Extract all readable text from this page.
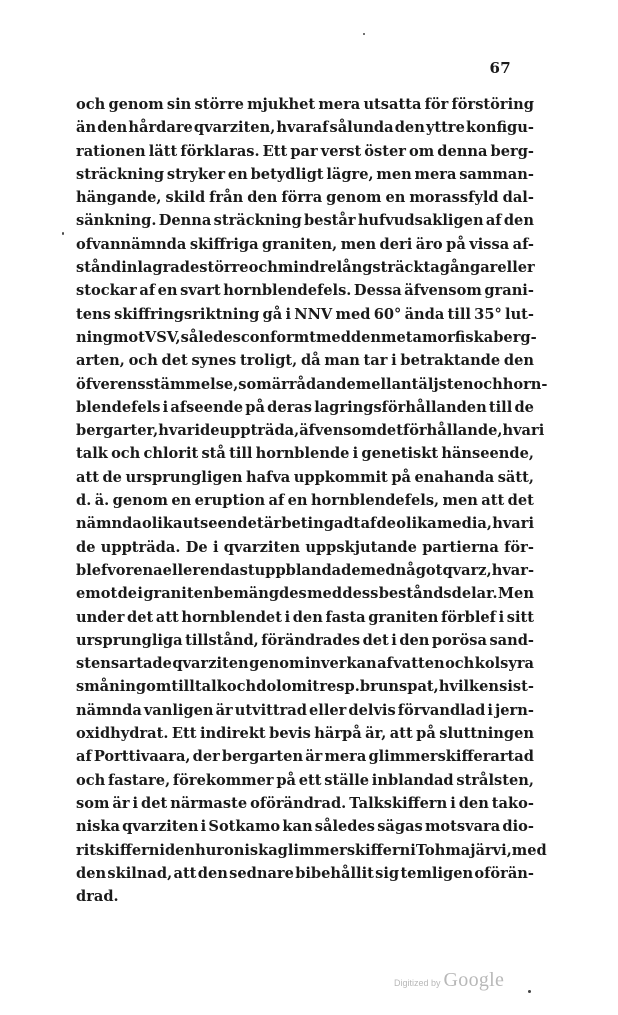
67
och genom sin större mjukhet mera utsatta för förstöring
än den hårdare qvarziten, hvaraf sålunda den yttre konfigu-
rationen lätt förklaras. Ett par verst öster om denna berg-
sträckning stryker en betydligt lägre, men mera samman-
hängande, skild från den förra genom en morassfyld dal-
sänkning. Denna sträckning består hufvudsakligen af den
ofvannämnda skiffriga graniten, men deri äro på vissa af-
stånd inlagrade större och mindre långsträckta gångar eller
stockar af en svart hornblendefels. Dessa äfvensom grani-
tens skiffringsriktning gå i NNV med 60° ända till 35° lut-
ning mot VSV, således conformt med den metamorfiska berg-
arten, och det synes troligt, då man tar i betraktande den
öfverensstämmelse, som är rådande mellan täljsten och horn-
blendefels i afseende på deras lagringsförhållanden till de
bergarter, hvari de uppträda, äfvensom det förhållande, hvari
talk och chlorit stå till hornblende i genetiskt hänseende,
att de ursprungligen hafva uppkommit på enahanda sätt,
d. ä. genom en eruption af en hornblendefels, men att det
nämnda olika utseendet är betingadt af de olika media, hvari
de uppträda. De i qvarziten uppskjutande partierna för-
blefvo rena eller endast uppblandade med något qvarz, hvar-
emot de i graniten bemängdes med dess beståndsdelar. Men
under det att hornblendet i den fasta graniten förblef i sitt
ursprungliga tillstånd, förändrades det i den porösa sand-
stensartade qvarziten genom inverkan af vatten och kolsyra
småningom till talk och dolomit resp. brunspat, hvilken sist-
nämnda vanligen är utvittrad eller delvis förvandlad i jern-
oxidhydrat. Ett indirekt bevis härpå är, att på sluttningen
af Porttivaara, der bergarten är mera glimmerskifferartad
och fastare, förekommer på ett ställe inblandad strålsten,
som är i det närmaste oförändrad. Talkskiffern i den tako-
niska qvarziten i Sotkamo kan således sägas motsvara dio-
ritskiffern i den huroniska glimmerskiffern i Tohmajärvi, med
den skilnad, att den sednare bibehållit sig temligen oförän-
drad.
Digitized by Google
